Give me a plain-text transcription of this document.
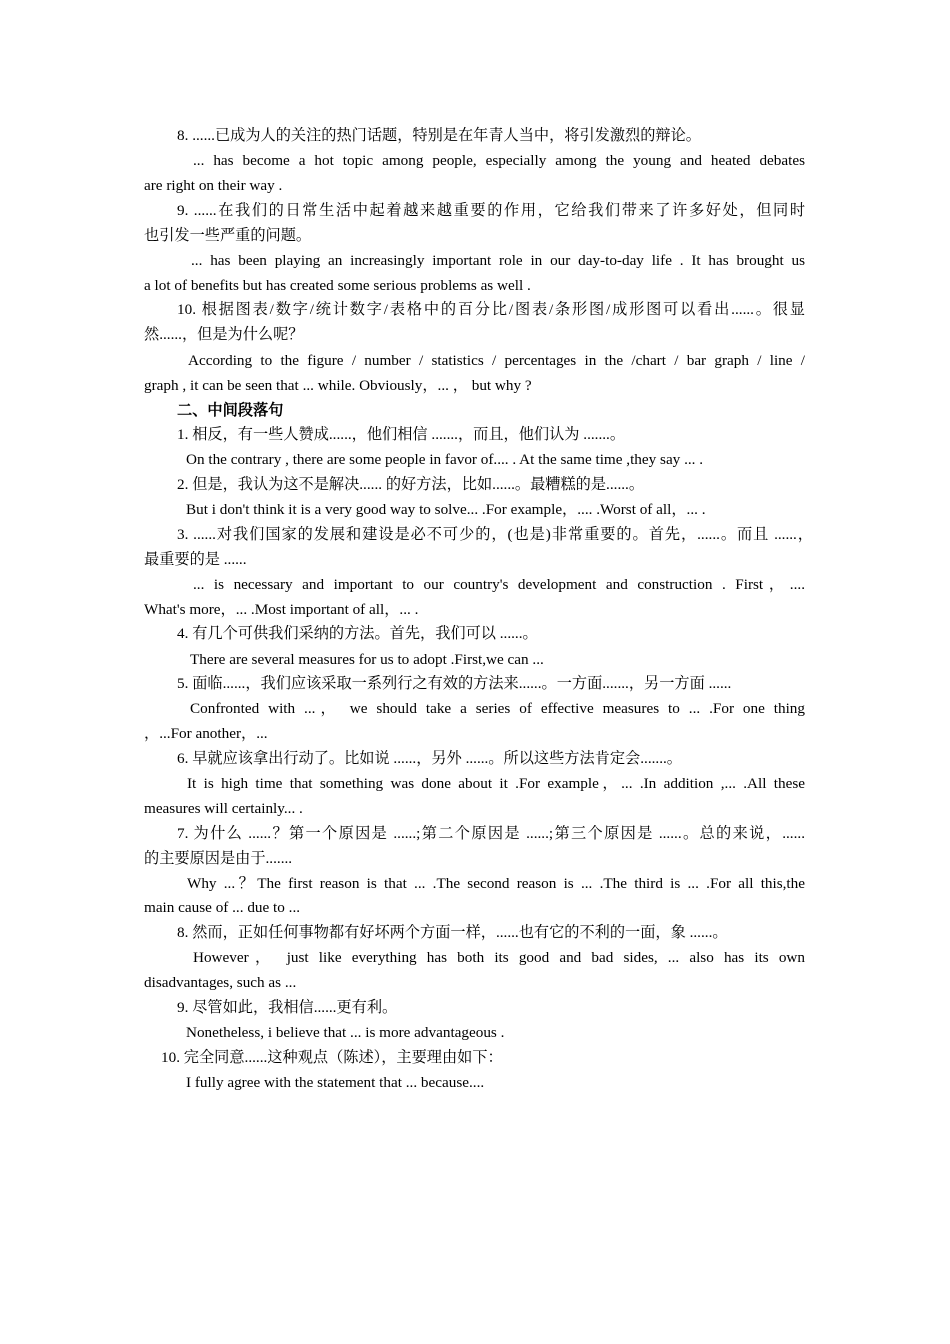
8. ......已成为人的关注的热门话题，特别是在年青人当中，将引发激烈的辩论。
... has become a hot topic among people, especially among the young and heated debates
are right on their way .
9. ......在我们的日常生活中起着越来越重要的作用，它给我们带来了许多好处，但同时
也引发一些严重的问题。
... has been playing an increasingly important role in our day-to-day life . It has brought us
a lot of benefits but has created some serious problems as well .
10. 根据图表/数字/统计数字/表格中的百分比/图表/条形图/成形图可以看出......。很显
然......，但是为什么呢？
According to the figure / number / statistics / percentages in the /chart / bar graph / line /
graph , it can be seen that ... while. Obviously，... ， but why ?
二、中间段落句
1. 相反，有一些人赞成......，他们相信 .......，而且，他们认为 .......。
On the contrary , there are some people in favor of.... . At the same time ,they say ... .
2. 但是，我认为这不是解决...... 的好方法，比如......。最糟糕的是......。
But i don't think it is a very good way to solve... .For example，.... .Worst of all，... .
3. ......对我们国家的发展和建设是必不可少的，(也是)非常重要的。首先，......。而且 ......，
最重要的是 ......
... is necessary and important to our country's development and construction . First，....
What's more，... .Most important of all，... .
4. 有几个可供我们采纳的方法。首先，我们可以 ......。
There are several measures for us to adopt .First,we can ...
5. 面临......，我们应该采取一系列行之有效的方法来......。一方面.......，另一方面 ......
Confronted with ...， we should take a series of effective measures to ... .For one thing
，...For another，...
6. 早就应该拿出行动了。比如说 ......，另外 ......。所以这些方法肯定会.......。
It is high time that something was done about it .For example，... .In addition ,... .All these
measures will certainly... .
7. 为什么 ......？第一个原因是 ......;第二个原因是 ......;第三个原因是 ......。总的来说，......
的主要原因是由于.......
Why ...？The first reason is that ... .The second reason is ... .The third is ... .For all this,the
main cause of ... due to ...
8. 然而，正如任何事物都有好坏两个方面一样，......也有它的不利的一面，象 ......。
However， just like everything has both its good and bad sides, ... also has its own
disadvantages, such as ...
9. 尽管如此，我相信......更有利。
Nonetheless, i believe that ... is more advantageous .
10. 完全同意......这种观点（陈述），主要理由如下：
I fully agree with the statement that ... because....
